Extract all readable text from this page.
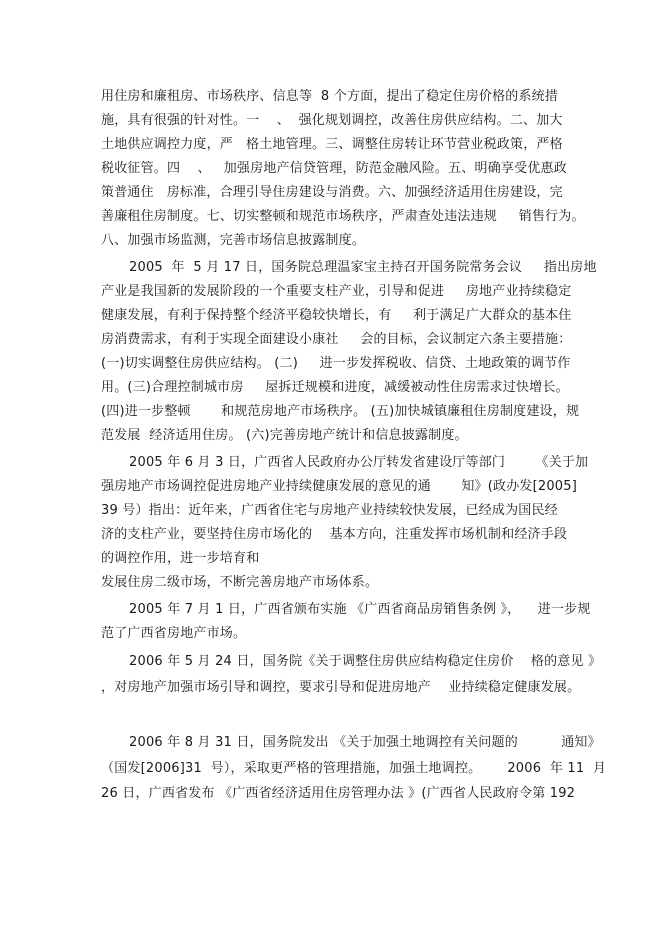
用住房和廉租房、市场秩序、信息等  8 个方面，提出了稳定住房价格的系统措
施，具有很强的针对性。一    、  强化规划调控，改善住房供应结构。二、加大
土地供应调控力度，严   格土地管理。三、调整住房转让环节营业税政策，严格
税收征管。四    、   加强房地产信贷管理，防范金融风险。五、明确享受优惠政
策普通住   房标准，合理引导住房建设与消费。六、加强经济适用住房建设，完
善廉租住房制度。七、切实整顿和规范市场秩序，严肃查处违法违规     销售行为。
八、加强市场监测，完善市场信息披露制度。
2005  年  5 月 17 日，国务院总理温家宝主持召开国务院常务会议     指出房地
产业是我国新的发展阶段的一个重要支柱产业，引导和促进     房地产业持续稳定
健康发展，有利于保持整个经济平稳较快增长，有     利于满足广大群众的基本住
房消费需求，有利于实现全面建设小康社     会的目标，会议制定六条主要措施：
(一)切实调整住房供应结构。 (二)     进一步发挥税收、信贷、土地政策的调节作
用。(三)合理控制城市房     屋拆迁规模和进度，减缓被动性住房需求过快增长。
(四)进一步整顿       和规范房地产市场秩序。 (五)加快城镇廉租住房制度建设，规
范发展  经济适用住房。 (六)完善房地产统计和信息披露制度。
2005 年 6 月 3 日，广西省人民政府办公厅转发省建设厅等部门       《关于加
强房地产市场调控促进房地产业持续健康发展的意见的通       知》(政办发[2005]
39 号）指出：近年来，广西省住宅与房地产业持续较快发展，已经成为国民经
济的支柱产业，要坚持住房市场化的    基本方向，注重发挥市场机制和经济手段
的调控作用，进一步培育和
发展住房二级市场，不断完善房地产市场体系。
2005 年 7 月 1 日，广西省颁布实施 《广西省商品房销售条例 》，    进一步规
范了广西省房地产市场。
2006 年 5 月 24 日，国务院《关于调整住房供应结构稳定住房价    格的意见 》
，对房地产加强市场引导和调控，要求引导和促进房地产    业持续稳定健康发展。
2006 年 8 月 31 日，国务院发出 《关于加强土地调控有关问题的          通知》
（国发[2006]31  号），采取更严格的管理措施，加强土地调控。      2006  年 11  月
26 日，广西省发布 《广西省经济适用住房管理办法 》(广西省人民政府令第 192
